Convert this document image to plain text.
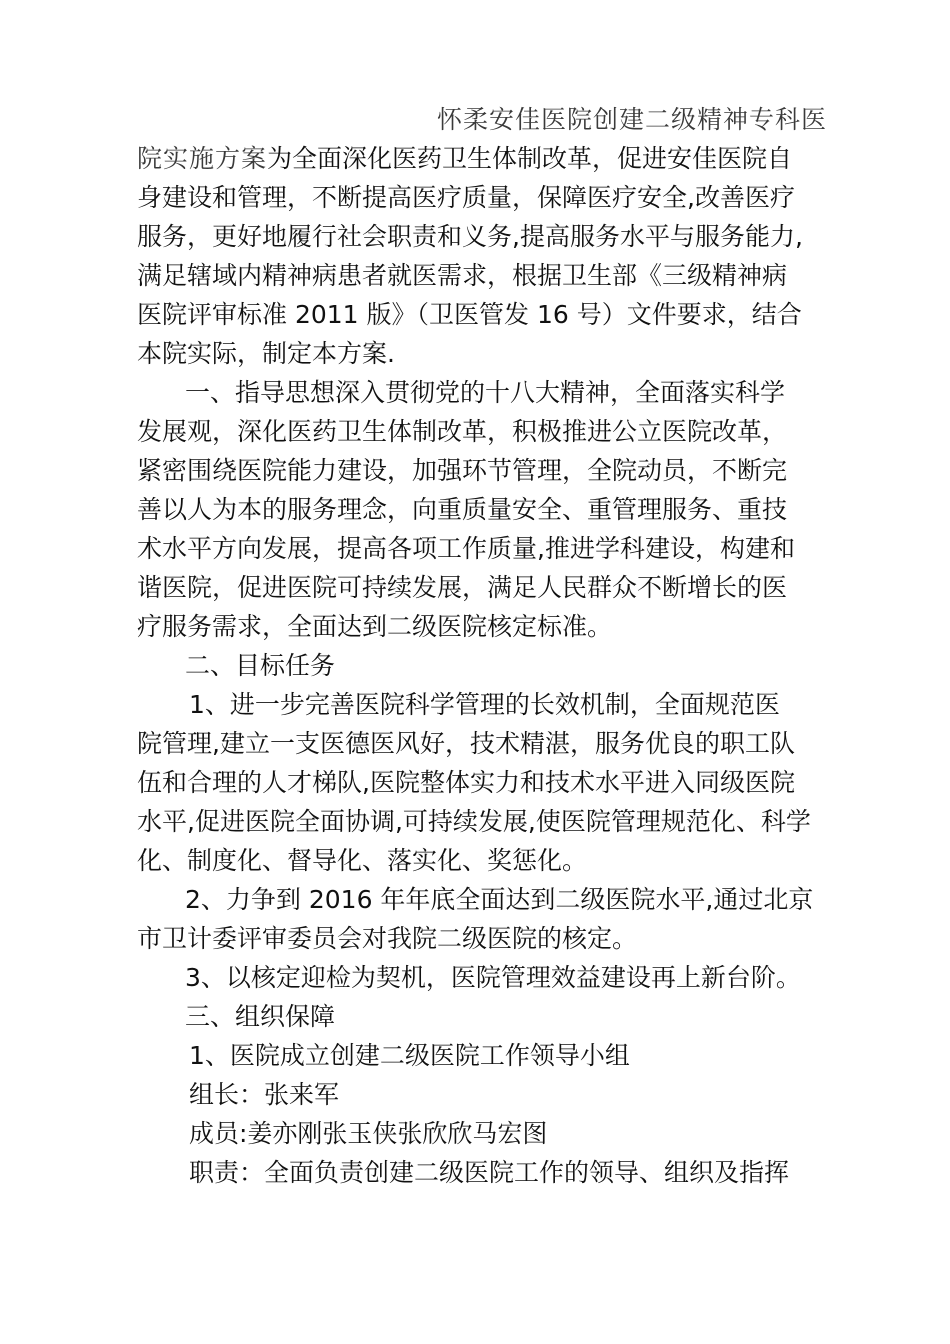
怀柔安佳医院创建二级精神专科医
院实施方案为全面深化医药卫生体制改革，促进安佳医院自
身建设和管理，不断提高医疗质量，保障医疗安全,改善医疗
服务，更好地履行社会职责和义务,提高服务水平与服务能力,
满足辖域内精神病患者就医需求，根据卫生部《三级精神病
医院评审标准 2011 版》（卫医管发 16 号）文件要求，结合
本院实际，制定本方案.
一、指导思想深入贯彻党的十八大精神，全面落实科学
发展观，深化医药卫生体制改革，积极推进公立医院改革，
紧密围绕医院能力建设，加强环节管理，全院动员，不断完
善以人为本的服务理念，向重质量安全、重管理服务、重技
术水平方向发展，提高各项工作质量,推进学科建设，构建和
谐医院，促进医院可持续发展，满足人民群众不断增长的医
疗服务需求，全面达到二级医院核定标准。
二、目标任务
1、进一步完善医院科学管理的长效机制，全面规范医
院管理,建立一支医德医风好，技术精湛，服务优良的职工队
伍和合理的人才梯队,医院整体实力和技术水平进入同级医院
水平,促进医院全面协调,可持续发展,使医院管理规范化、科学
化、制度化、督导化、落实化、奖惩化。
2、力争到 2016 年年底全面达到二级医院水平,通过北京
市卫计委评审委员会对我院二级医院的核定。
3、以核定迎检为契机，医院管理效益建设再上新台阶。
三、组织保障
1、医院成立创建二级医院工作领导小组
组长：张来军
成员:姜亦刚张玉侠张欣欣马宏图
职责：全面负责创建二级医院工作的领导、组织及指挥
